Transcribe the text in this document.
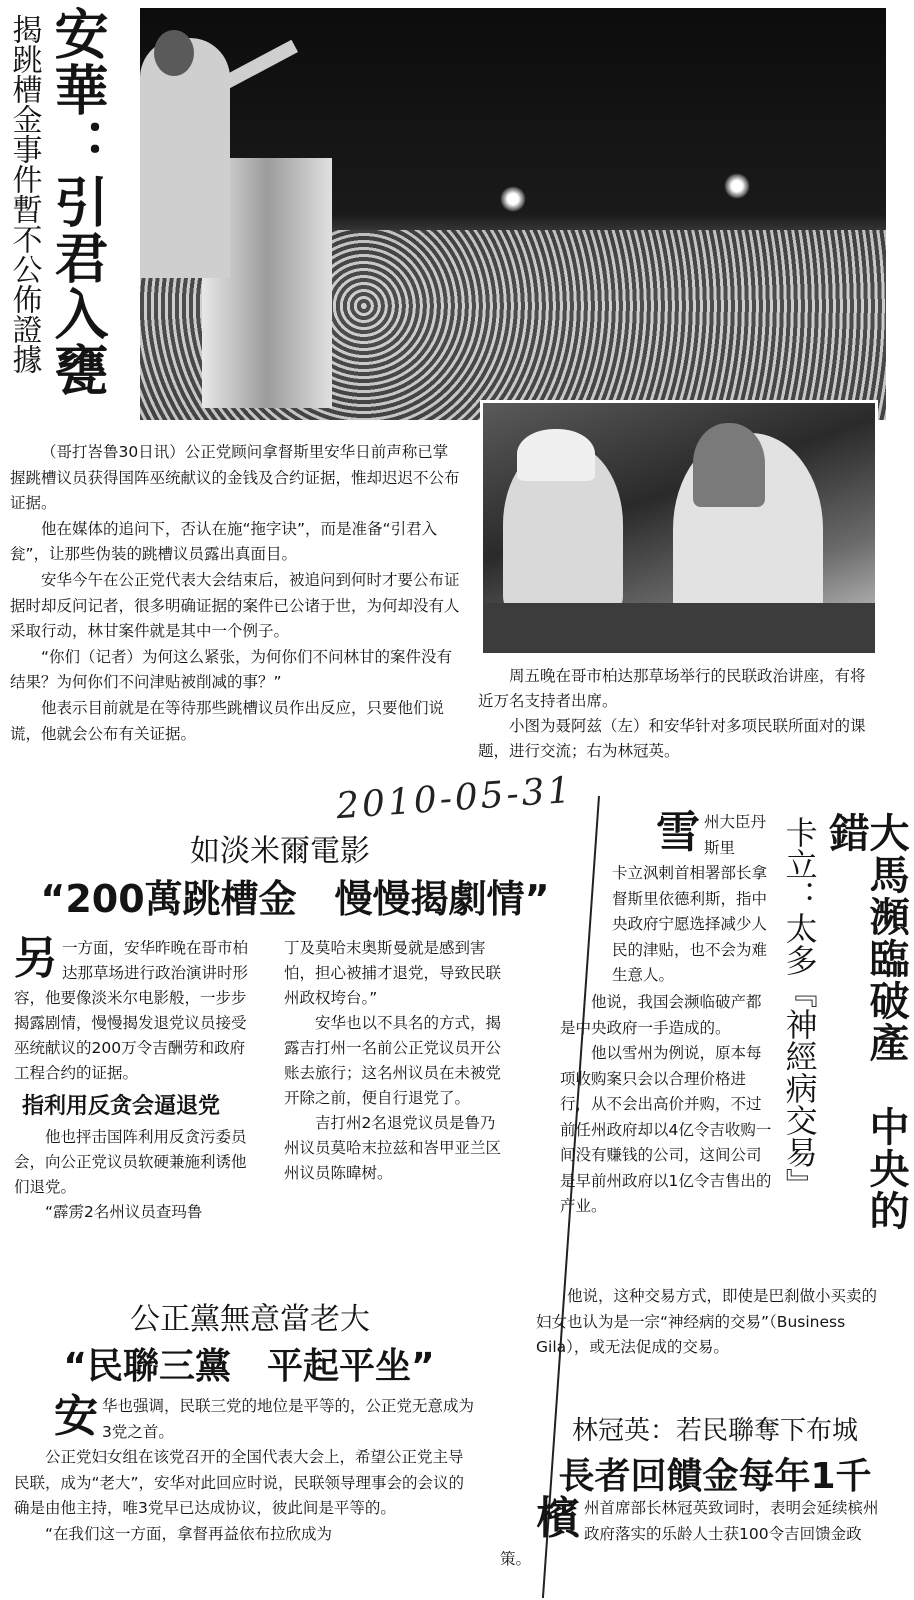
安華：引君入甕
揭跳槽金事件暫不公佈證據

周五晚在哥市柏达那草场举行的民联政治讲座，有将近万名支持者出席。

小图为聂阿兹（左）和安华针对多项民联所面对的课题，进行交流；右为林冠英。

（哥打峇鲁30日讯）公正党顾问拿督斯里安华日前声称已掌握跳槽议员获得国阵巫统献议的金钱及合约证据，惟却迟迟不公布证据。

他在媒体的追问下，否认在施“拖字诀”，而是准备“引君入瓮”，让那些伪装的跳槽议员露出真面目。

安华今午在公正党代表大会结束后，被追问到何时才要公布证据时却反问记者，很多明确证据的案件已公诸于世，为何却没有人采取行动，林甘案件就是其中一个例子。

“你们（记者）为何这么紧张，为何你们不问林甘的案件没有结果？为何你们不问津贴被削减的事？”

他表示目前就是在等待那些跳槽议员作出反应，只要他们说谎，他就会公布有关证据。

2010-05-31
如淡米爾電影
“200萬跳槽金　慢慢揭劇情”
另一方面，安华昨晚在哥市柏达那草场进行政治演讲时形容，他要像淡米尔电影般，一步步揭露剧情，慢慢揭发退党议员接受巫统献议的200万令吉酬劳和政府工程合约的证据。
指利用反贪会逼退党

他也抨击国阵利用反贪污委员会，向公正党议员软硬兼施利诱他们退党。

“霹雳2名州议员查玛鲁

丁及莫哈末奥斯曼就是感到害怕，担心被捕才退党，导致民联州政权垮台。”

安华也以不具名的方式，揭露吉打州一名前公正党议员开公账去旅行；这名州议员在未被党开除之前，便自行退党了。

吉打州2名退党议员是鲁乃州议员莫哈末拉兹和峇甲亚兰区州议员陈暐树。	大馬瀕臨破產　中央的錯
卡立：太多『神經病交易』
雪州大臣丹斯里
卡立沨剌首相署部长拿督斯里依德利斯，指中央政府宁愿选择减少人民的津贴，也不会为难生意人。

他说，我国会濒临破产都是中央政府一手造成的。

他以雪州为例说，原本每项收购案只会以合理价格进行，从不会出高价并购，不过前任州政府却以4亿令吉收购一间没有赚钱的公司，这间公司是早前州政府以1亿令吉售出的产业。

他说，这种交易方式，即使是巴刹做小买卖的妇女也认为是一宗“神经病的交易”（Business Gila），或无法促成的交易。

公正黨無意當老大
“民聯三黨　平起平坐”
安华也强调，民联三党的地位是平等的，公正党无意成为3党之首。

公正党妇女组在该党召开的全国代表大会上，希望公正党主导民联，成为“老大”，安华对此回应时说，民联领导理事会的会议的确是由他主持，唯3党早已达成协议，彼此间是平等的。

“在我们这一方面，拿督再益依布拉欣成为

林冠英：若民聯奪下布城
長者回饋金每年1千
檳州首席部长林冠英致词时，表明会延续槟州政府落实的乐龄人士获100令吉回馈金政策。
